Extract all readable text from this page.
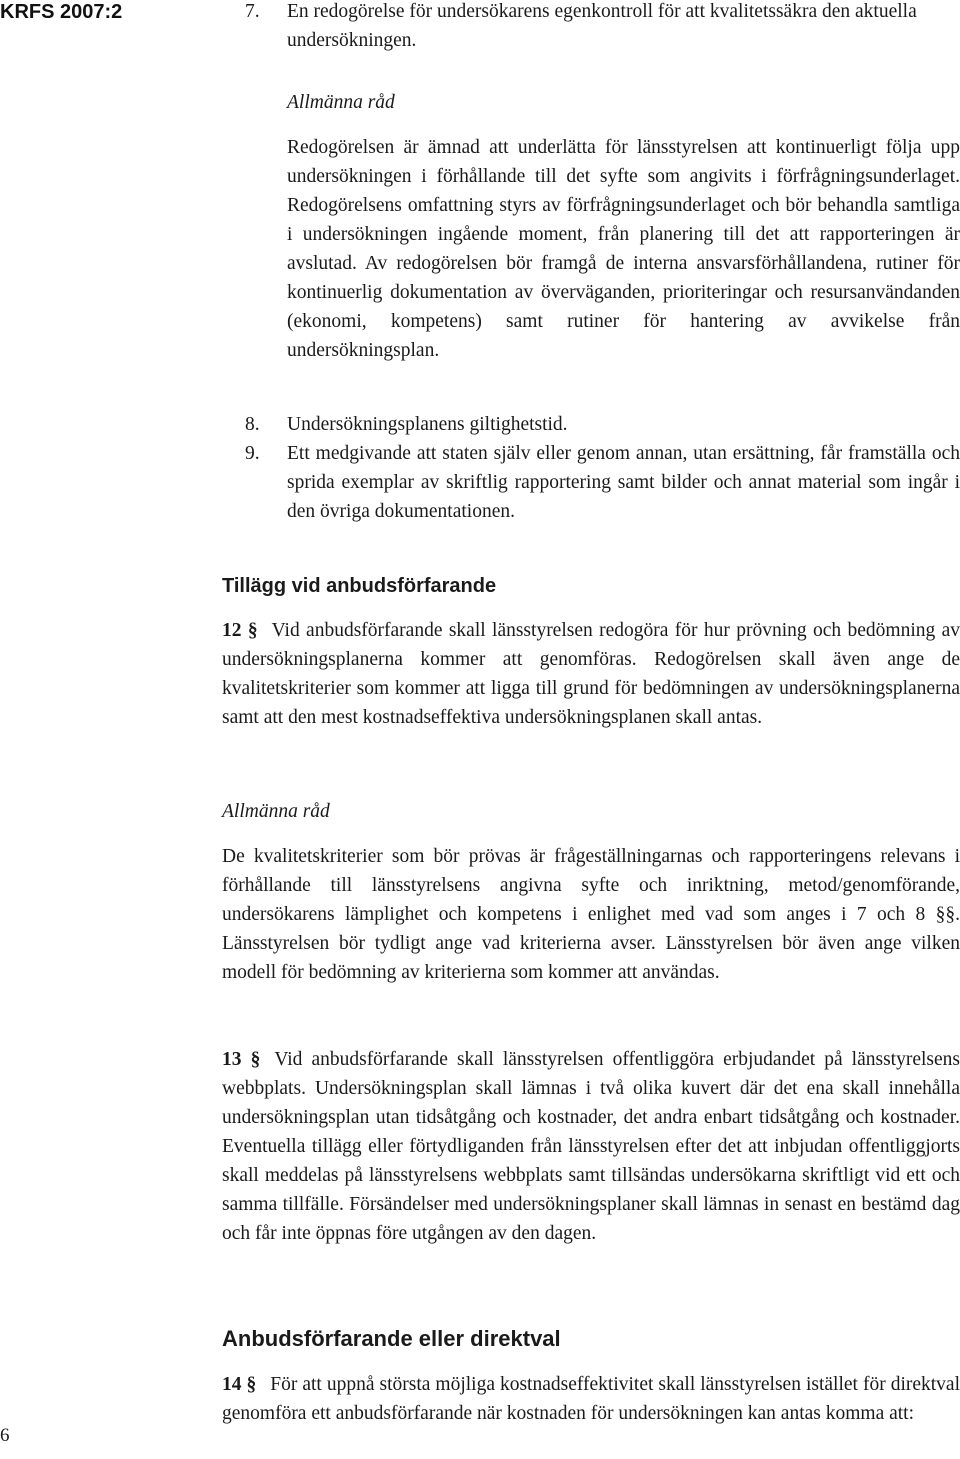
KRFS 2007:2	7. En redogörelse för undersökarens egenkontroll för att kvalitetssäkra den aktuella undersökningen.

Allmänna råd

Redogörelsen är ämnad att underlätta för länsstyrelsen att kontinuerligt följa upp undersökningen i förhållande till det syfte som angivits i förfrågningsunderlaget. Redogörelsens omfattning styrs av förfrågningsunderlaget och bör behandla samtliga i undersökningen ingående moment, från planering till det att rapporteringen är avslutad. Av redogörelsen bör framgå de interna ansvarsförhållandena, rutiner för kontinuerlig dokumentation av överväganden, prioriteringar och resursanvändanden (ekonomi, kompetens) samt rutiner för hantering av avvikelse från undersökningsplan.

8. Undersökningsplanens giltighetstid.

9. Ett medgivande att staten själv eller genom annan, utan ersättning, får framställa och sprida exemplar av skriftlig rapportering samt bilder och annat material som ingår i den övriga dokumentationen.

Tillägg vid anbudsförfarande

12 § Vid anbudsförfarande skall länsstyrelsen redogöra för hur prövning och bedömning av undersökningsplanerna kommer att genomföras. Redogörelsen skall även ange de kvalitetskriterier som kommer att ligga till grund för bedömningen av undersökningsplanerna samt att den mest kostnadseffektiva undersökningsplanen skall antas.

Allmänna råd

De kvalitetskriterier som bör prövas är frågeställningarnas och rapporteringens relevans i förhållande till länsstyrelsens angivna syfte och inriktning, metod/genomförande, undersökarens lämplighet och kompetens i enlighet med vad som anges i 7 och 8 §§. Länsstyrelsen bör tydligt ange vad kriterierna avser. Länsstyrelsen bör även ange vilken modell för bedömning av kriterierna som kommer att användas.

13 § Vid anbudsförfarande skall länsstyrelsen offentliggöra erbjudandet på länsstyrelsens webbplats. Undersökningsplan skall lämnas i två olika kuvert där det ena skall innehålla undersökningsplan utan tidsåtgång och kostnader, det andra enbart tidsåtgång och kostnader. Eventuella tillägg eller förtydliganden från länsstyrelsen efter det att inbjudan offentliggjorts skall meddelas på länsstyrelsens webbplats samt tillsändas undersökarna skriftligt vid ett och samma tillfälle. Försändelser med undersökningsplaner skall lämnas in senast en bestämd dag och får inte öppnas före utgången av den dagen.

Anbudsförfarande eller direktval

14 § För att uppnå största möjliga kostnadseffektivitet skall länsstyrelsen istället för direktval genomföra ett anbudsförfarande när kostnaden för undersökningen kan antas komma att:

6
